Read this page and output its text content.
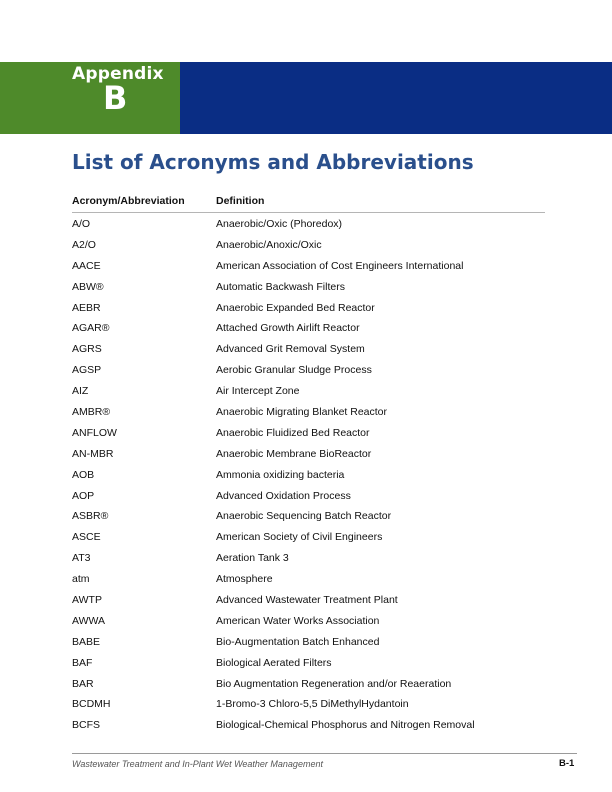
Appendix
B
List of Acronyms and Abbreviations
Acronym/Abbreviation	Definition
A/O	Anaerobic/Oxic (Phoredox)
A2/O	Anaerobic/Anoxic/Oxic
AACE	American Association of Cost Engineers International
ABW®	Automatic Backwash Filters
AEBR	Anaerobic Expanded Bed Reactor
AGAR®	Attached Growth Airlift Reactor
AGRS	Advanced Grit Removal System
AGSP	Aerobic Granular Sludge Process
AIZ	Air Intercept Zone
AMBR®	Anaerobic Migrating Blanket Reactor
ANFLOW	Anaerobic Fluidized Bed Reactor
AN-MBR	Anaerobic Membrane BioReactor
AOB	Ammonia oxidizing bacteria
AOP	Advanced Oxidation Process
ASBR®	Anaerobic Sequencing Batch Reactor
ASCE	American Society of Civil Engineers
AT3	Aeration Tank 3
atm	Atmosphere
AWTP	Advanced Wastewater Treatment Plant
AWWA	American Water Works Association
BABE	Bio-Augmentation Batch Enhanced
BAF	Biological Aerated Filters
BAR	Bio Augmentation Regeneration and/or Reaeration
BCDMH	1-Bromo-3 Chloro-5,5 DiMethylHydantoin
BCFS	Biological-Chemical Phosphorus and Nitrogen Removal
Wastewater Treatment and In-Plant Wet Weather Management	B-1
